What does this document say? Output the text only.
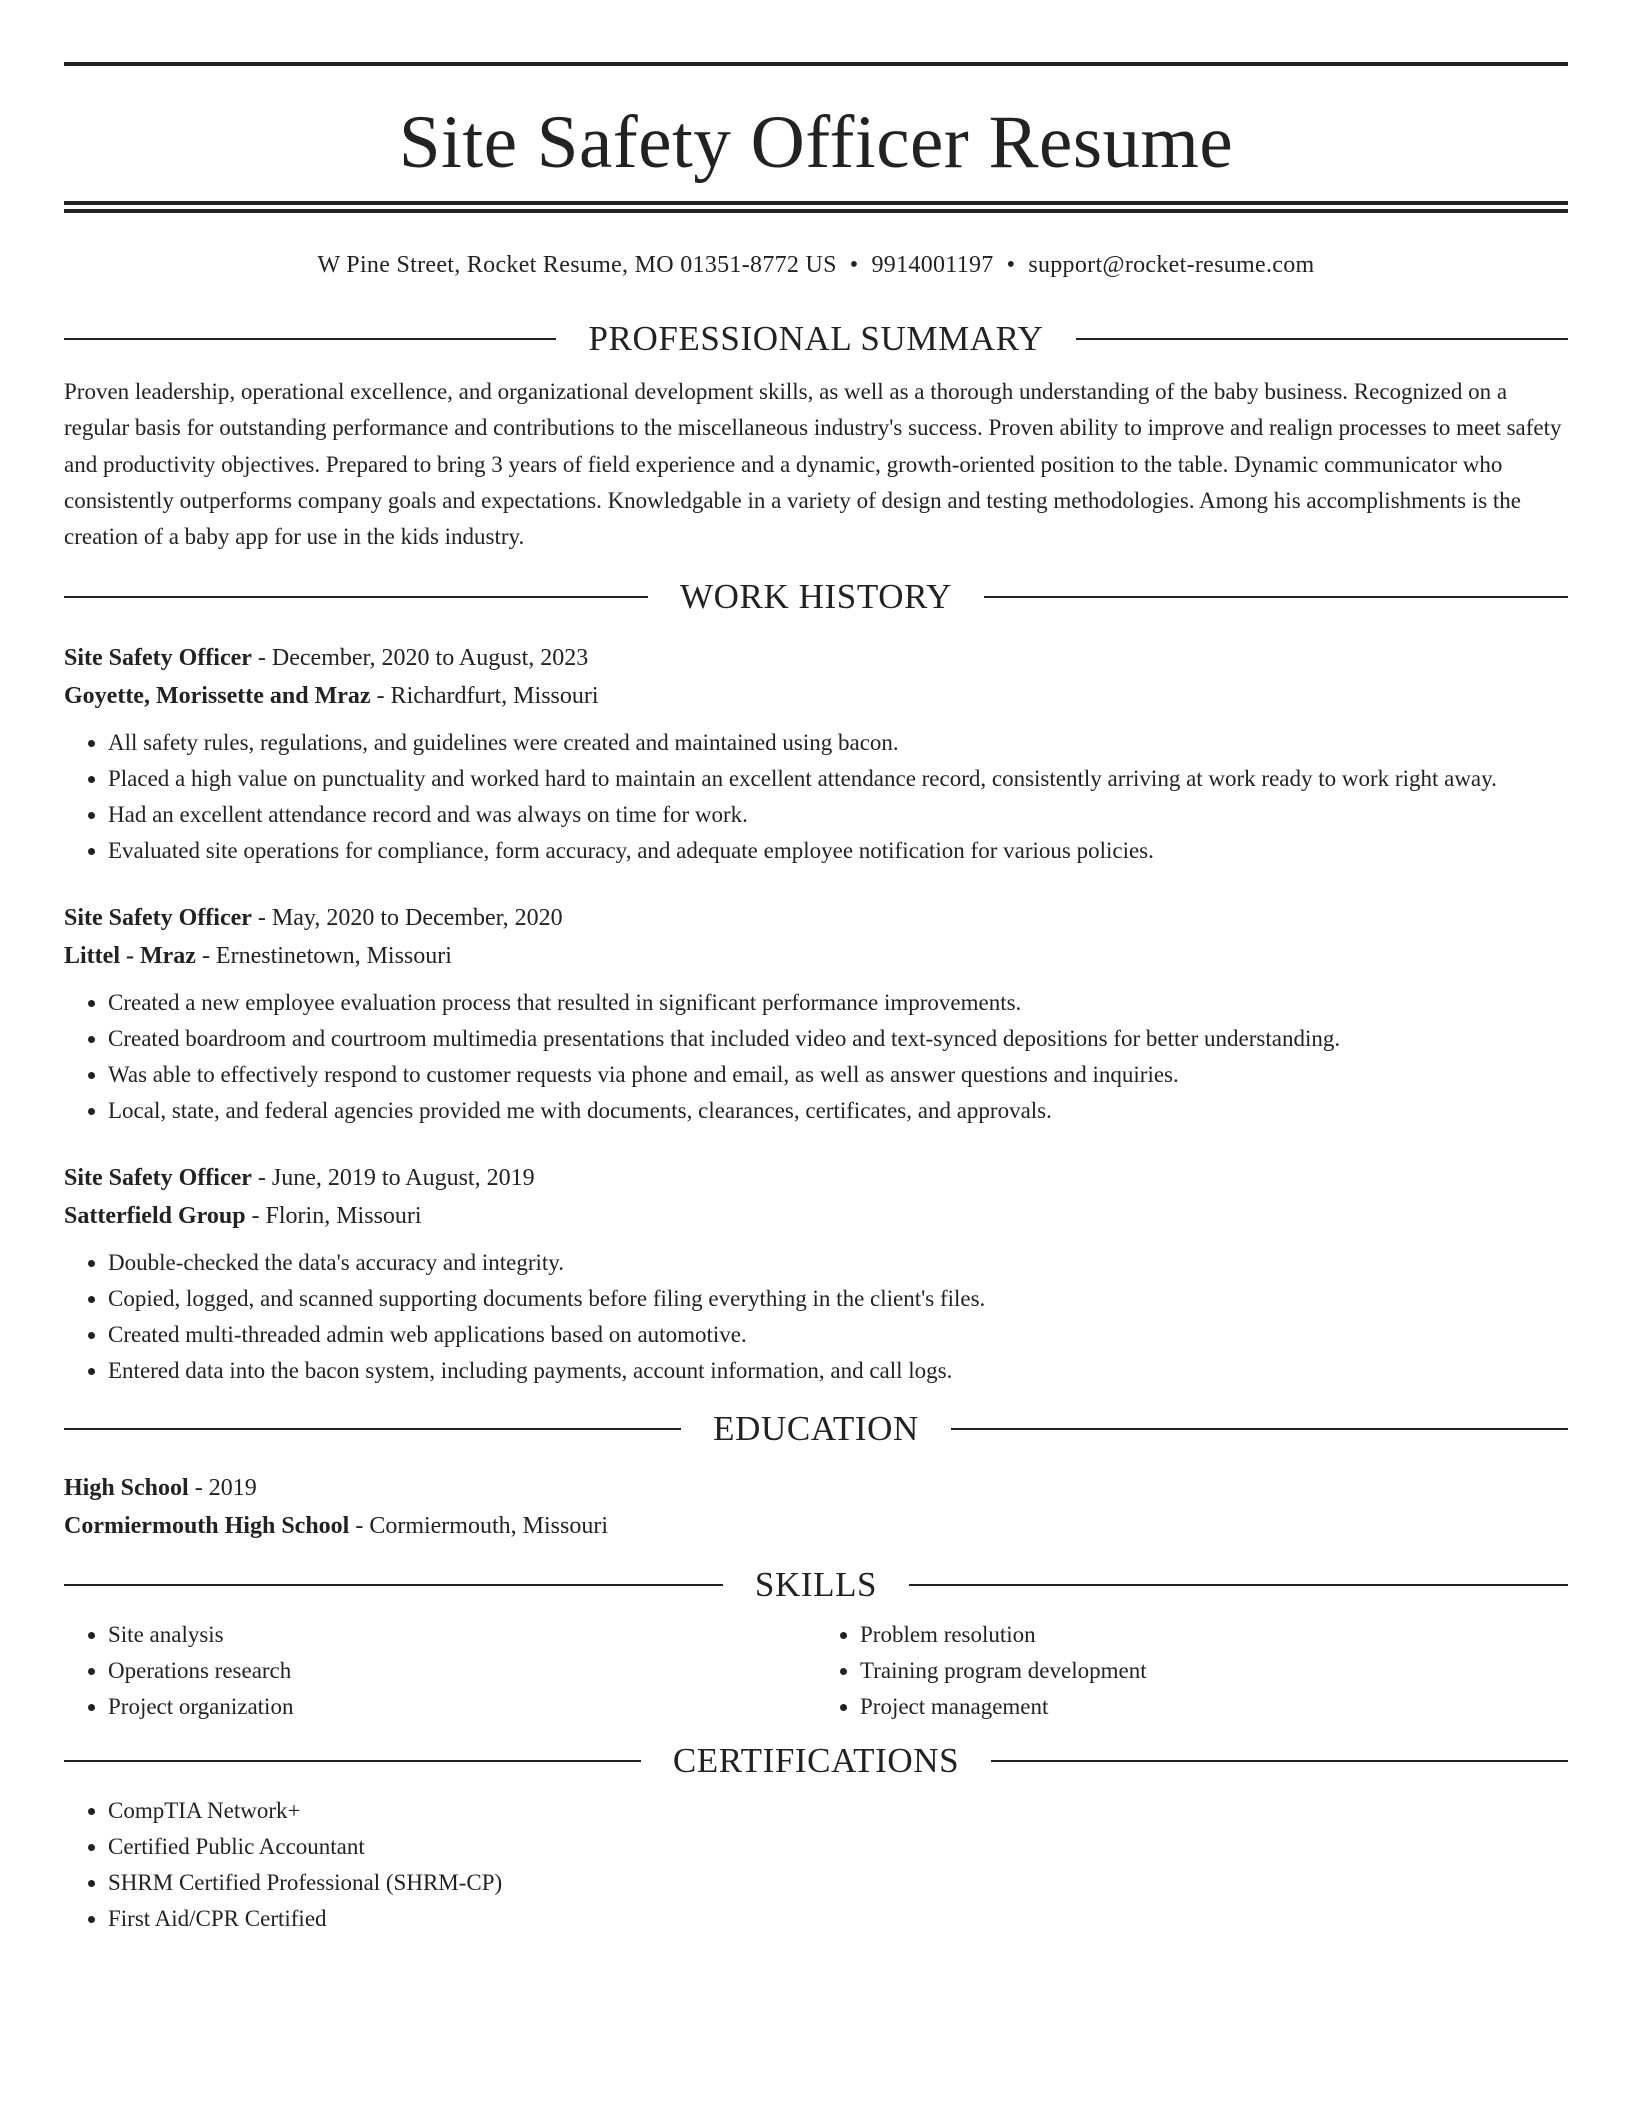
Site Safety Officer Resume
W Pine Street, Rocket Resume, MO 01351-8772 US • 9914001197 • support@rocket-resume.com
PROFESSIONAL SUMMARY
Proven leadership, operational excellence, and organizational development skills, as well as a thorough understanding of the baby business. Recognized on a regular basis for outstanding performance and contributions to the miscellaneous industry's success. Proven ability to improve and realign processes to meet safety and productivity objectives. Prepared to bring 3 years of field experience and a dynamic, growth-oriented position to the table. Dynamic communicator who consistently outperforms company goals and expectations. Knowledgable in a variety of design and testing methodologies. Among his accomplishments is the creation of a baby app for use in the kids industry.
WORK HISTORY
Site Safety Officer - December, 2020 to August, 2023
Goyette, Morissette and Mraz - Richardfurt, Missouri
• All safety rules, regulations, and guidelines were created and maintained using bacon.
• Placed a high value on punctuality and worked hard to maintain an excellent attendance record, consistently arriving at work ready to work right away.
• Had an excellent attendance record and was always on time for work.
• Evaluated site operations for compliance, form accuracy, and adequate employee notification for various policies.
Site Safety Officer - May, 2020 to December, 2020
Littel - Mraz - Ernestinetown, Missouri
• Created a new employee evaluation process that resulted in significant performance improvements.
• Created boardroom and courtroom multimedia presentations that included video and text-synced depositions for better understanding.
• Was able to effectively respond to customer requests via phone and email, as well as answer questions and inquiries.
• Local, state, and federal agencies provided me with documents, clearances, certificates, and approvals.
Site Safety Officer - June, 2019 to August, 2019
Satterfield Group - Florin, Missouri
• Double-checked the data's accuracy and integrity.
• Copied, logged, and scanned supporting documents before filing everything in the client's files.
• Created multi-threaded admin web applications based on automotive.
• Entered data into the bacon system, including payments, account information, and call logs.
EDUCATION
High School - 2019
Cormiermouth High School - Cormiermouth, Missouri
SKILLS
• Site analysis
• Operations research
• Project organization
• Problem resolution
• Training program development
• Project management
CERTIFICATIONS
• CompTIA Network+
• Certified Public Accountant
• SHRM Certified Professional (SHRM-CP)
• First Aid/CPR Certified
